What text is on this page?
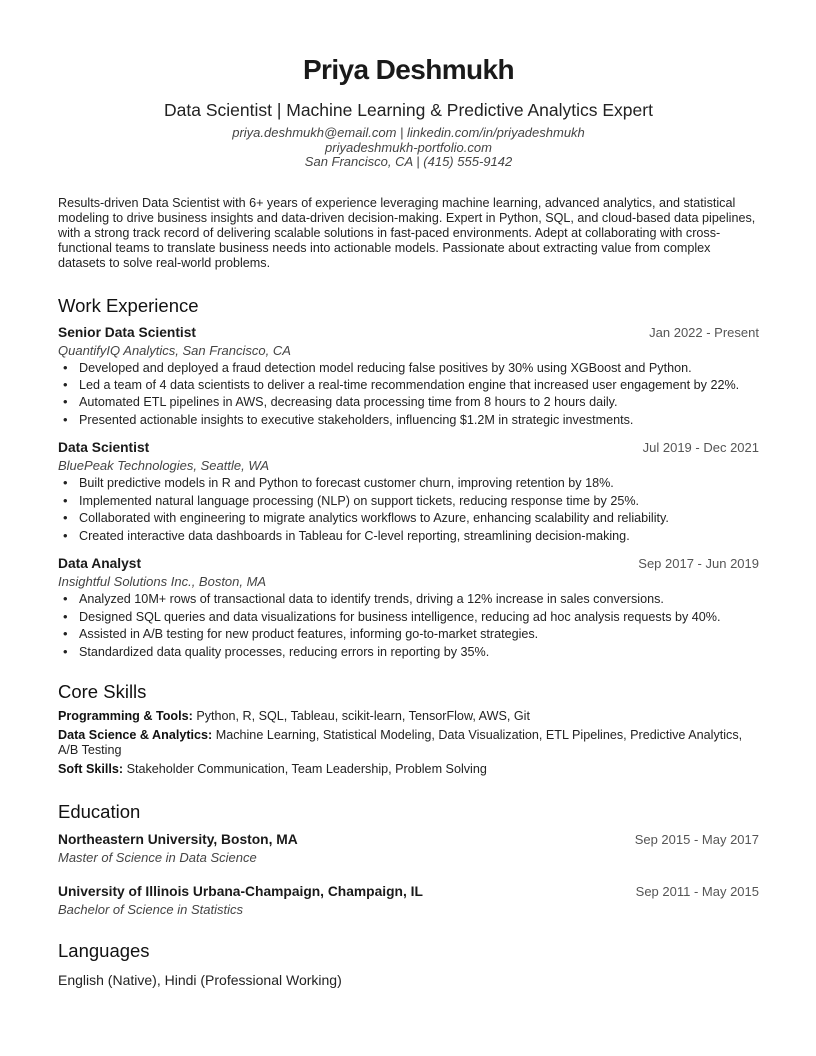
Priya Deshmukh
Data Scientist | Machine Learning & Predictive Analytics Expert
priya.deshmukh@email.com | linkedin.com/in/priyadeshmukh
priyadeshmukh-portfolio.com
San Francisco, CA | (415) 555-9142

Results-driven Data Scientist with 6+ years of experience leveraging machine learning, advanced analytics, and statistical modeling to drive business insights and data-driven decision-making. Expert in Python, SQL, and cloud-based data pipelines, with a strong track record of delivering scalable solutions in fast-paced environments. Adept at collaborating with cross-functional teams to translate business needs into actionable models. Passionate about extracting value from complex datasets to solve real-world problems.

Work Experience
Senior Data Scientist	Jan 2022 - Present
QuantifyIQ Analytics, San Francisco, CA
• Developed and deployed a fraud detection model reducing false positives by 30% using XGBoost and Python.
• Led a team of 4 data scientists to deliver a real-time recommendation engine that increased user engagement by 22%.
• Automated ETL pipelines in AWS, decreasing data processing time from 8 hours to 2 hours daily.
• Presented actionable insights to executive stakeholders, influencing $1.2M in strategic investments.
Data Scientist	Jul 2019 - Dec 2021
BluePeak Technologies, Seattle, WA
• Built predictive models in R and Python to forecast customer churn, improving retention by 18%.
• Implemented natural language processing (NLP) on support tickets, reducing response time by 25%.
• Collaborated with engineering to migrate analytics workflows to Azure, enhancing scalability and reliability.
• Created interactive data dashboards in Tableau for C-level reporting, streamlining decision-making.
Data Analyst	Sep 2017 - Jun 2019
Insightful Solutions Inc., Boston, MA
• Analyzed 10M+ rows of transactional data to identify trends, driving a 12% increase in sales conversions.
• Designed SQL queries and data visualizations for business intelligence, reducing ad hoc analysis requests by 40%.
• Assisted in A/B testing for new product features, informing go-to-market strategies.
• Standardized data quality processes, reducing errors in reporting by 35%.
Core Skills
Programming & Tools: Python, R, SQL, Tableau, scikit-learn, TensorFlow, AWS, Git
Data Science & Analytics: Machine Learning, Statistical Modeling, Data Visualization, ETL Pipelines, Predictive Analytics, A/B Testing
Soft Skills: Stakeholder Communication, Team Leadership, Problem Solving
Education
Northeastern University, Boston, MA	Sep 2015 - May 2017
Master of Science in Data Science
University of Illinois Urbana-Champaign, Champaign, IL	Sep 2011 - May 2015
Bachelor of Science in Statistics
Languages
English (Native), Hindi (Professional Working)
